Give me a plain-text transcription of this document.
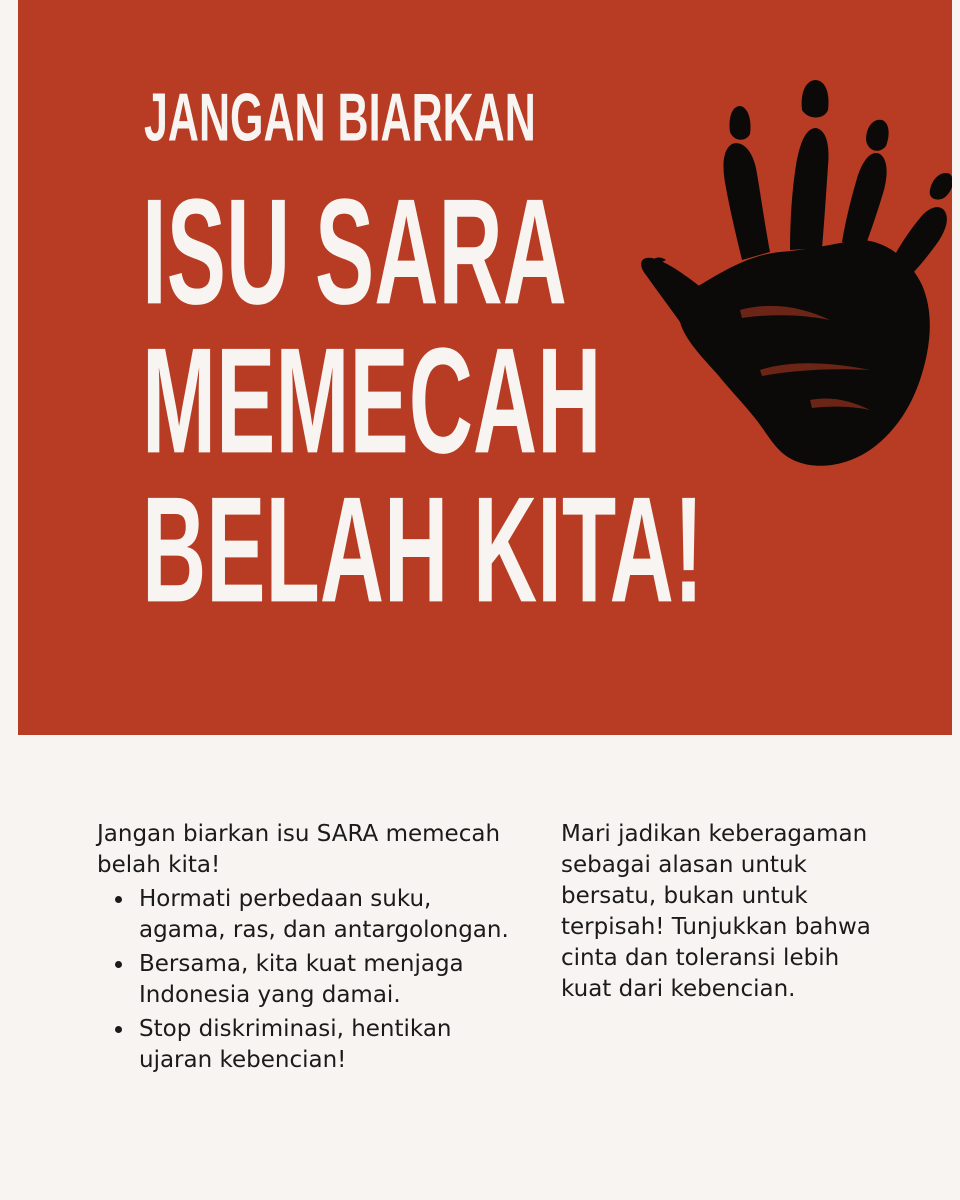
JANGAN BIARKAN
ISU SARA
MEMECAH
BELAH KITA!

Jangan biarkan isu SARA memecah belah kita!

Hormati perbedaan suku, agama, ras, dan antargolongan.
Bersama, kita kuat menjaga Indonesia yang damai.
Stop diskriminasi, hentikan ujaran kebencian!

Mari jadikan keberagaman sebagai alasan untuk bersatu, bukan untuk terpisah! Tunjukkan bahwa cinta dan toleransi lebih kuat dari kebencian.
